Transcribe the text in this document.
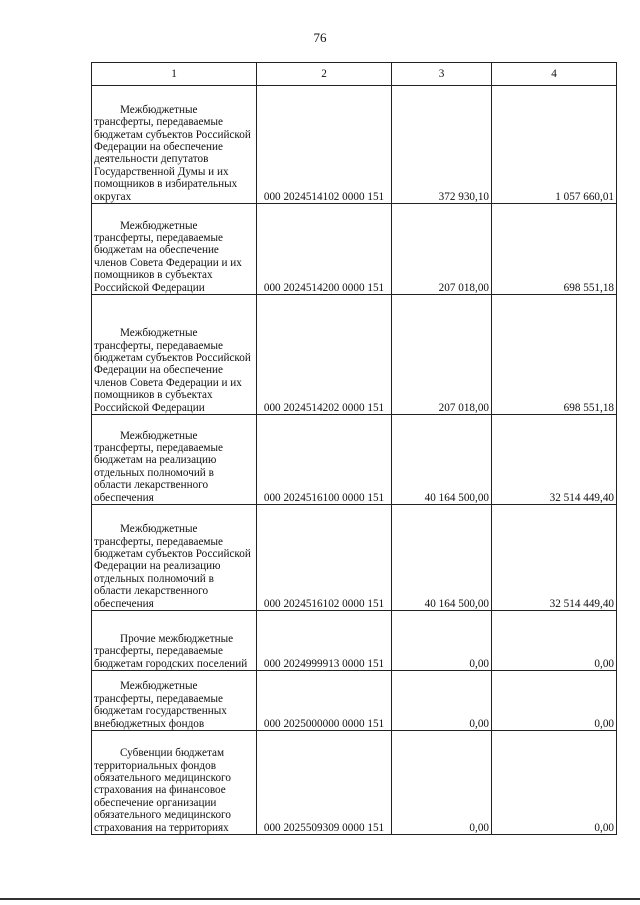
76
1	2	3	4

Межбюджетные трансферты, передаваемые бюджетам субъектов Российской Федерации на обеспечение деятельности депутатов Государственной Думы и их помощников в избирательных округах	000 2024514102 0000 151	372 930,10	1 057 660,01

Межбюджетные трансферты, передаваемые бюджетам на обеспечение членов Совета Федерации и их помощников в субъектах Российской Федерации	000 2024514200 0000 151	207 018,00	698 551,18

Межбюджетные трансферты, передаваемые бюджетам субъектов Российской Федерации на обеспечение членов Совета Федерации и их помощников в субъектах Российской Федерации	000 2024514202 0000 151	207 018,00	698 551,18

Межбюджетные трансферты, передаваемые бюджетам на реализацию отдельных полномочий в области лекарственного обеспечения	000 2024516100 0000 151	40 164 500,00	32 514 449,40

Межбюджетные трансферты, передаваемые бюджетам субъектов Российской Федерации на реализацию отдельных полномочий в области лекарственного обеспечения	000 2024516102 0000 151	40 164 500,00	32 514 449,40

Прочие межбюджетные трансферты, передаваемые бюджетам городских поселений	000 2024999913 0000 151	0,00	0,00

Межбюджетные трансферты, передаваемые бюджетам государственных внебюджетных фондов	000 2025000000 0000 151	0,00	0,00

Субвенции бюджетам территориальных фондов обязательного медицинского страхования на финансовое обеспечение организации обязательного медицинского страхования на территориях	000 2025509309 0000 151	0,00	0,00
